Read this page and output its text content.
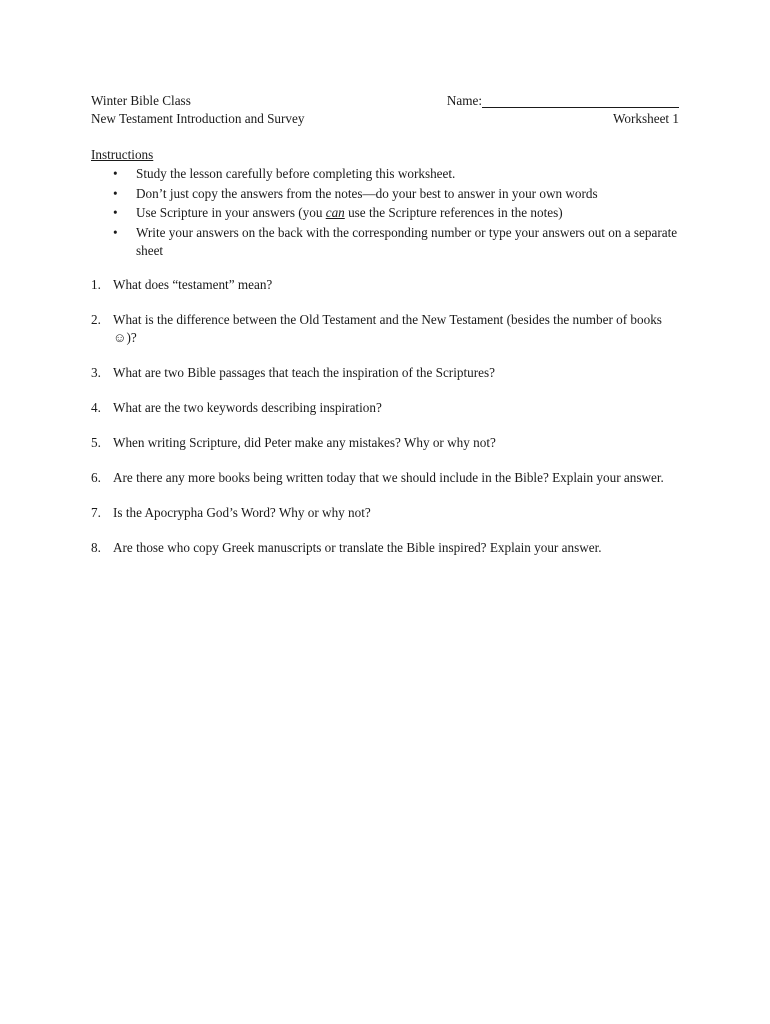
Winter Bible Class	Name:
New Testament Introduction and Survey	Worksheet 1
Instructions
• Study the lesson carefully before completing this worksheet.
• Don’t just copy the answers from the notes—do your best to answer in your own words
• Use Scripture in your answers (you can use the Scripture references in the notes)
• Write your answers on the back with the corresponding number or type your answers out on a separate sheet
1. What does “testament” mean?
2. What is the difference between the Old Testament and the New Testament (besides the number of books ☺)?
3. What are two Bible passages that teach the inspiration of the Scriptures?
4. What are the two keywords describing inspiration?
5. When writing Scripture, did Peter make any mistakes? Why or why not?
6. Are there any more books being written today that we should include in the Bible? Explain your answer.
7. Is the Apocrypha God’s Word? Why or why not?
8. Are those who copy Greek manuscripts or translate the Bible inspired? Explain your answer.
